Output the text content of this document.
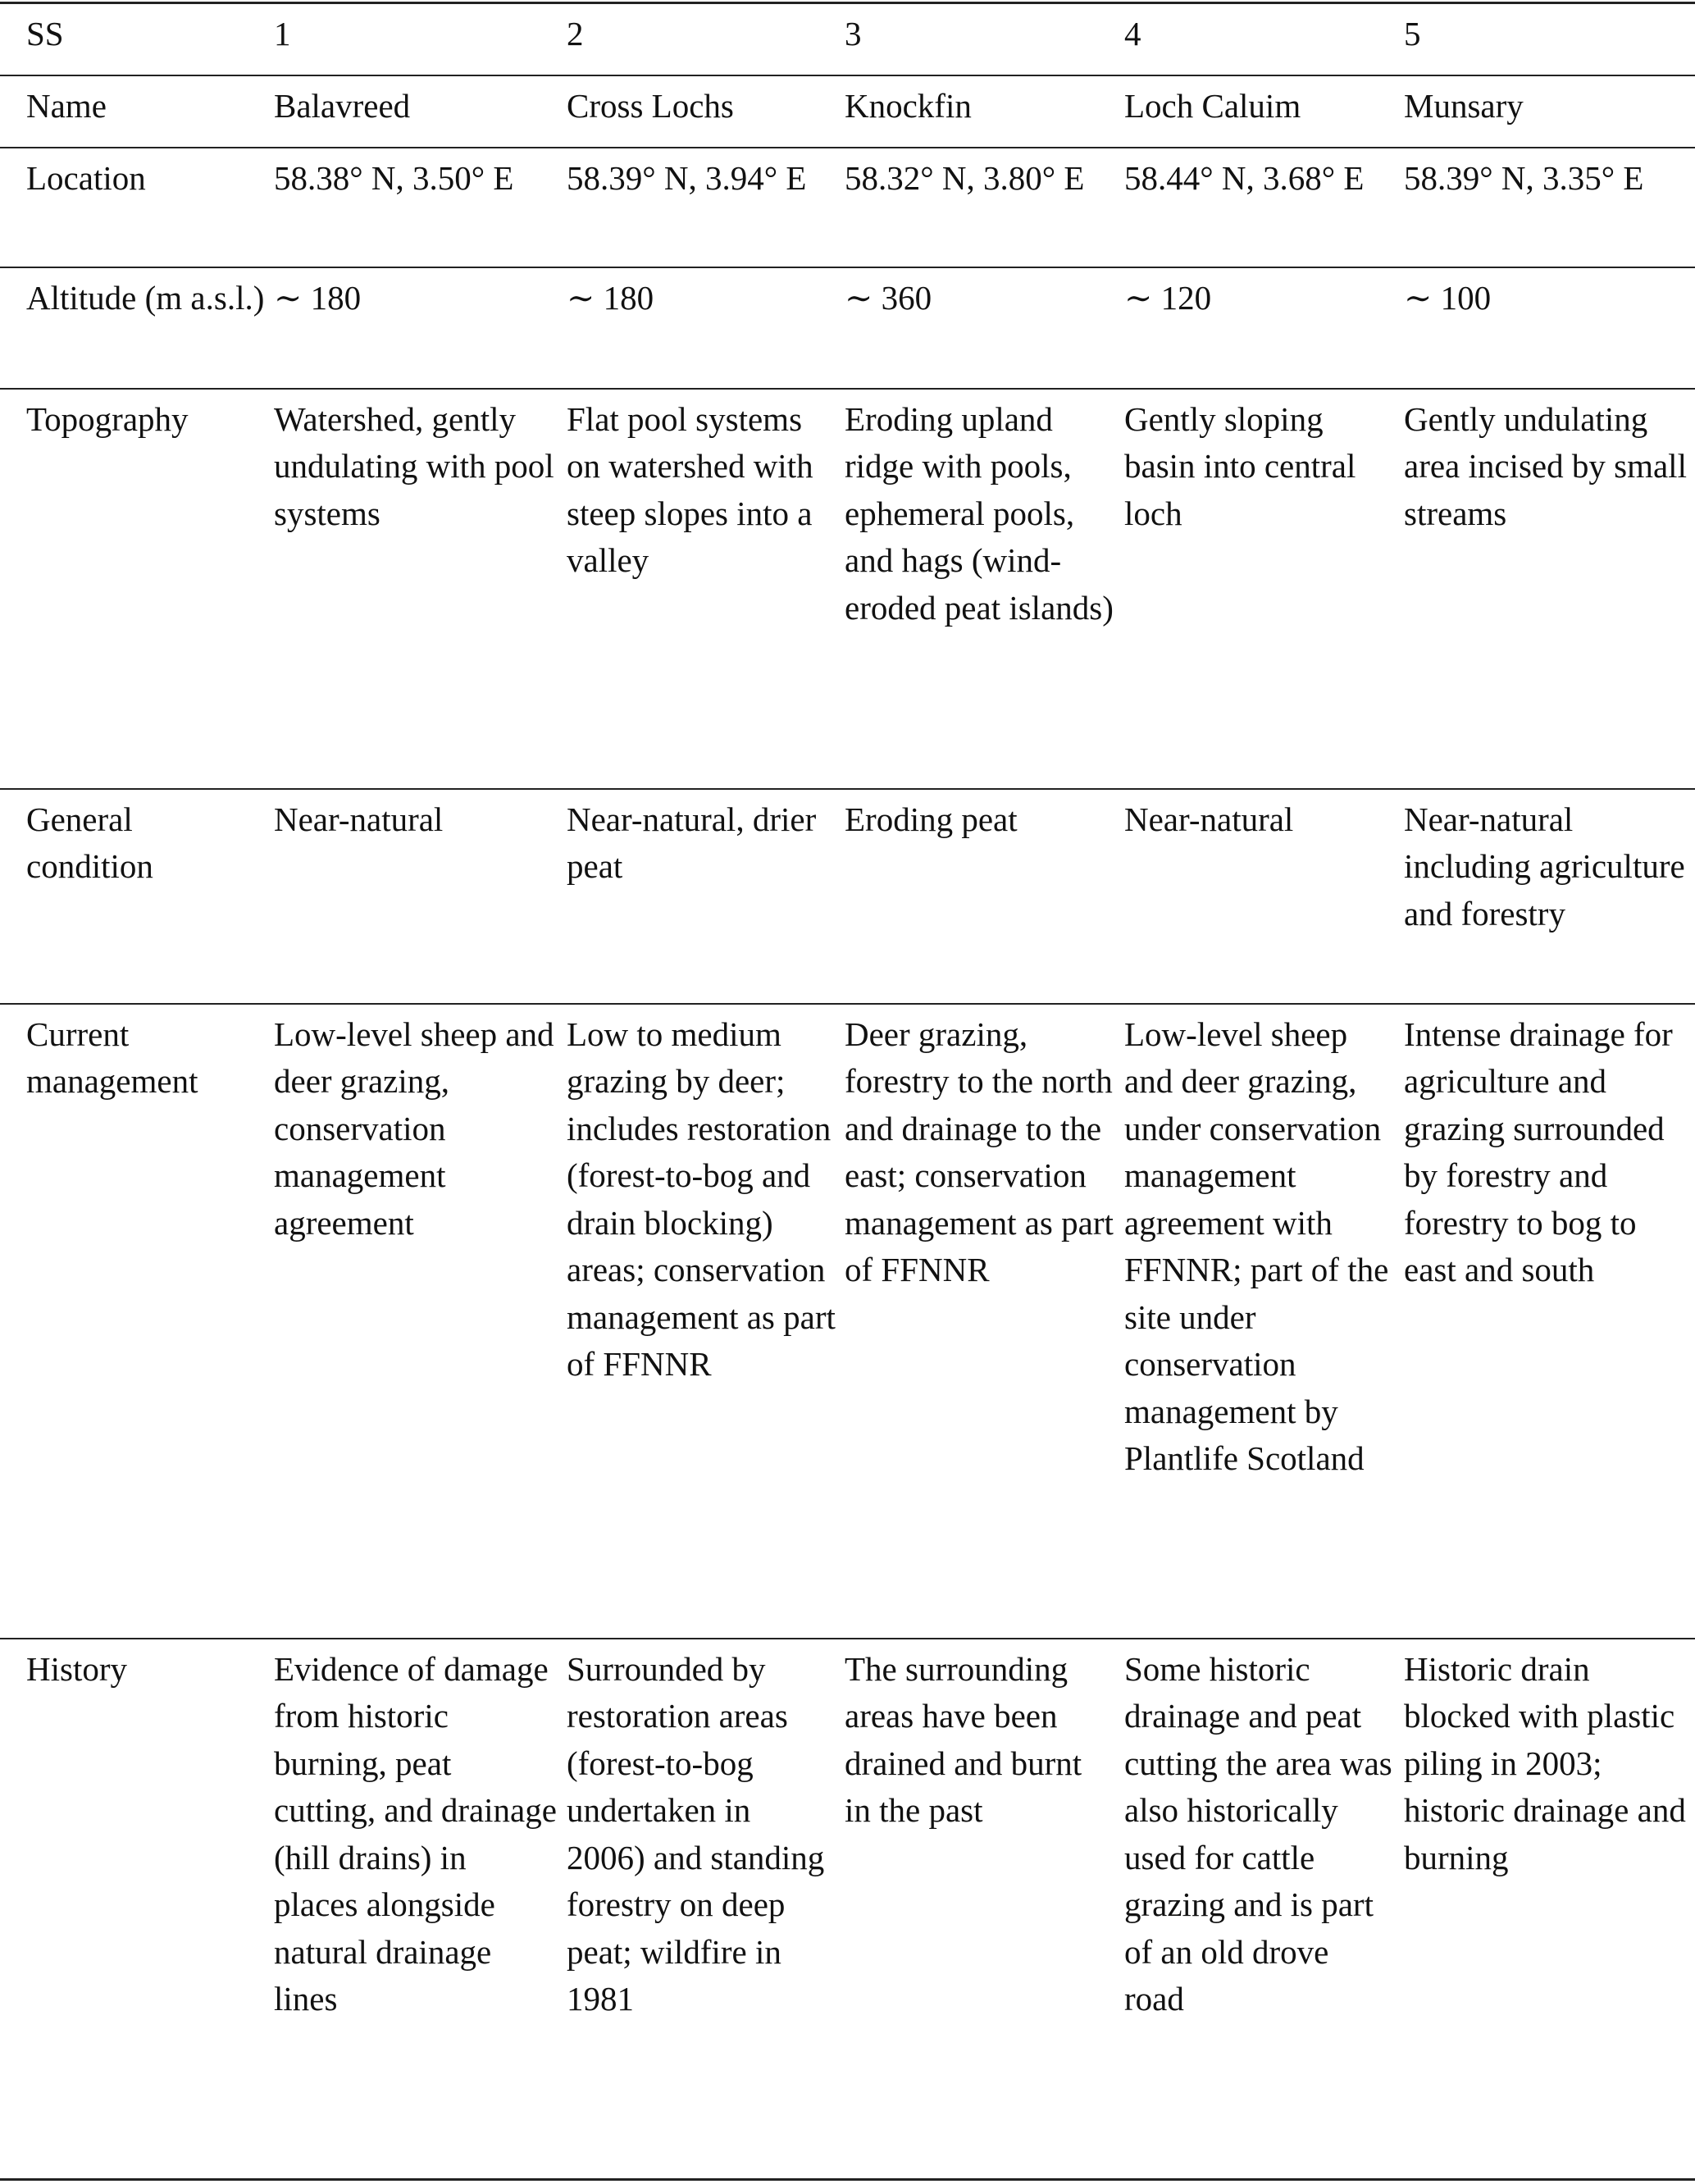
SS	1	2	3	4	5
Name	Balavreed	Cross Lochs	Knockfin	Loch Caluim	Munsary
Location	58.38° N, 3.50° E	58.39° N, 3.94° E	58.32° N, 3.80° E	58.44° N, 3.68° E	58.39° N, 3.35° E
Altitude (m a.s.l.)	∼ 180	∼ 180	∼ 360	∼ 120	∼ 100
Topography	Watershed, gently undulating with pool systems	Flat pool systems on watershed with steep slopes into a valley	Eroding upland ridge with pools, ephemeral pools, and hags (wind-eroded peat islands)	Gently sloping basin into central loch	Gently undulating area incised by small streams
General condition	Near-natural	Near-natural, drier peat	Eroding peat	Near-natural	Near-natural including agriculture and forestry
Current management	Low-level sheep and deer grazing, conservation management agreement	Low to medium grazing by deer; includes restoration (forest-to-bog and drain blocking) areas; conservation management as part of FFNNR	Deer grazing, forestry to the north and drainage to the east; conservation management as part of FFNNR	Low-level sheep and deer grazing, under conservation management agreement with FFNNR; part of the site under conservation management by Plantlife Scotland	Intense drainage for agriculture and grazing surrounded by forestry and forestry to bog to east and south
History	Evidence of damage from historic burning, peat cutting, and drainage (hill drains) in places alongside natural drainage lines	Surrounded by restoration areas (forest-to-bog undertaken in 2006) and standing forestry on deep peat; wildfire in 1981	The surrounding areas have been drained and burnt in the past	Some historic drainage and peat cutting the area was also historically used for cattle grazing and is part of an old drove road	Historic drain blocked with plastic piling in 2003; historic drainage and burning
